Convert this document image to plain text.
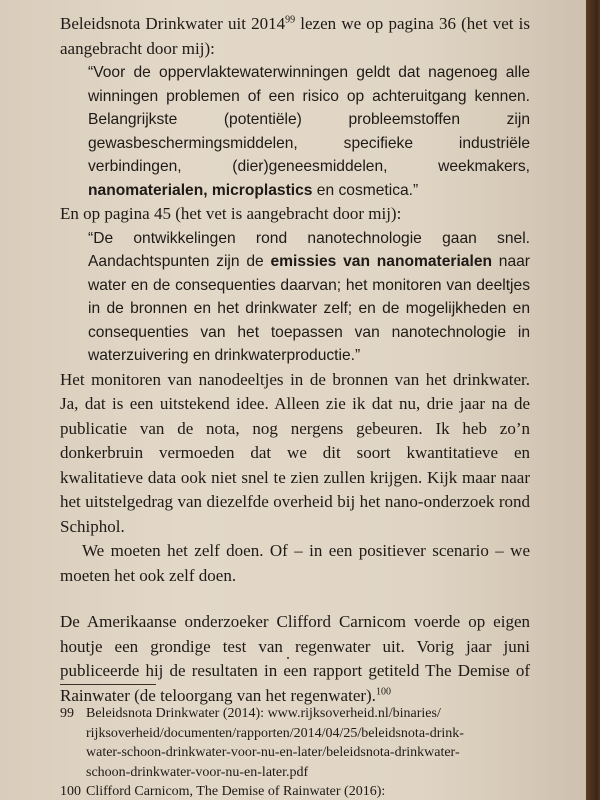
Beleidsnota Drinkwater uit 2014$^{99}$ lezen we op pagina 36 (het vet is aangebracht door mij):

“Voor de oppervlaktewaterwinningen geldt dat nagenoeg alle winningen problemen of een risico op achteruitgang kennen. Belangrijkste (potentiële) probleemstoffen zijn gewasbeschermingsmiddelen, specifieke industriële verbindingen, (dier)geneesmiddelen, weekmakers, nanomaterialen, microplastics en cosmetica.”

En op pagina 45 (het vet is aangebracht door mij):

“De ontwikkelingen rond nanotechnologie gaan snel. Aandachtspunten zijn de emissies van nanomaterialen naar water en de consequenties daarvan; het monitoren van deeltjes in de bronnen en het drinkwater zelf; en de mogelijkheden en consequenties van het toepassen van nanotechnologie in waterzuivering en drinkwaterproductie.”

Het monitoren van nanodeeltjes in de bronnen van het drinkwater. Ja, dat is een uitstekend idee. Alleen zie ik dat nu, drie jaar na de publicatie van de nota, nog nergens gebeuren. Ik heb zo’n donkerbruin vermoeden dat we dit soort kwantitatieve en kwalitatieve data ook niet snel te zien zullen krijgen. Kijk maar naar het uitstelgedrag van diezelfde overheid bij het nano-onderzoek rond Schiphol.

We moeten het zelf doen. Of – in een positiever scenario – we moeten het ook zelf doen.

De Amerikaanse onderzoeker Clifford Carnicom voerde op eigen houtje een grondige test van regenwater uit. Vorig jaar juni publiceerde hij de resultaten in een rapport getiteld The Demise of Rainwater (de teloorgang van het regenwater).$^{100}$

99 Beleidsnota Drinkwater (2014): www.rijksoverheid.nl/binaries/
rijksoverheid/documenten/rapporten/2014/04/25/beleidsnota-drink-
water-schoon-drinkwater-voor-nu-en-later/beleidsnota-drinkwater-
schoon-drinkwater-voor-nu-en-later.pdf
100 Clifford Carnicom, The Demise of Rainwater (2016):
